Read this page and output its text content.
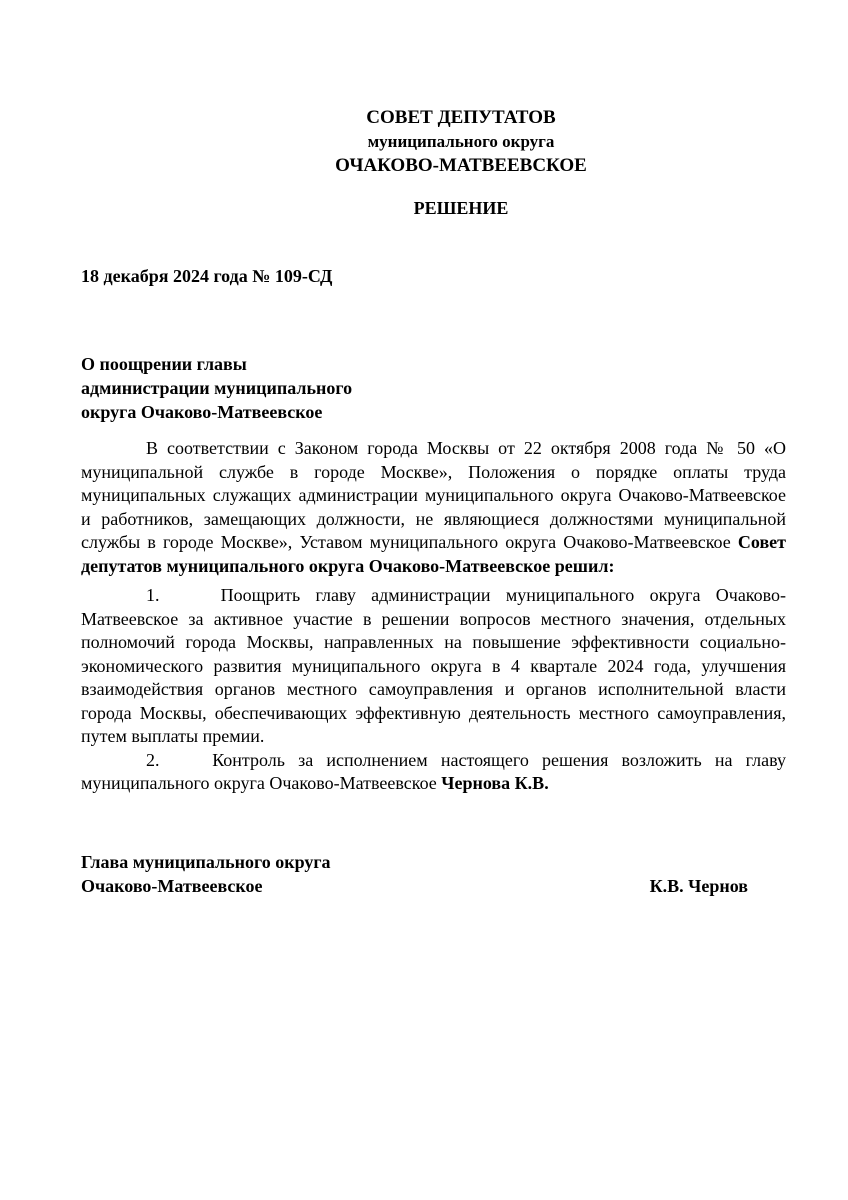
СОВЕТ ДЕПУТАТОВ
муниципального округа
ОЧАКОВО-МАТВЕЕВСКОЕ
РЕШЕНИЕ
18 декабря 2024 года № 109-СД
О поощрении главы
администрации муниципального
округа Очаково-Матвеевское

В соответствии с Законом города Москвы от 22 октября 2008 года № 50 «О муниципальной службе в городе Москве», Положения о порядке оплаты труда муниципальных служащих администрации муниципального округа Очаково-Матвеевское и работников, замещающих должности, не являющиеся должностями муниципальной службы в городе Москве», Уставом муниципального округа Очаково-Матвеевское Совет депутатов муниципального округа Очаково-Матвеевское решил:

1.	Поощрить главу администрации муниципального округа Очаково-Матвеевское за активное участие в решении вопросов местного значения, отдельных полномочий города Москвы, направленных на повышение эффективности социально-экономического развития муниципального округа в 4 квартале 2024 года, улучшения взаимодействия органов местного самоуправления и органов исполнительной власти города Москвы, обеспечивающих эффективную деятельность местного самоуправления, путем выплаты премии.

2.	Контроль за исполнением настоящего решения возложить на главу муниципального округа Очаково-Матвеевское Чернова К.В.

Глава муниципального округа
Очаково-Матвеевское	К.В. Чернов
